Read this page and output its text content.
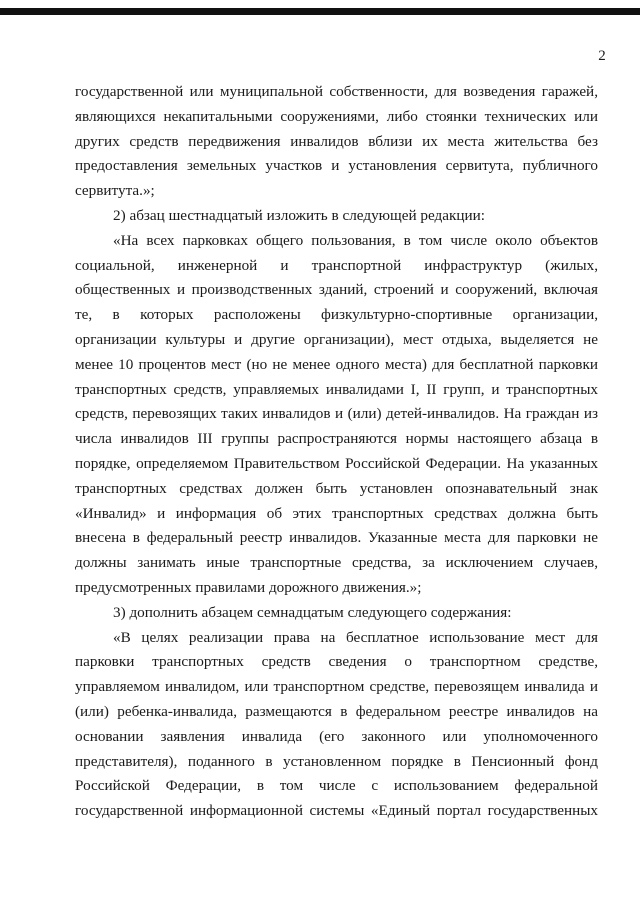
2
государственной или муниципальной собственности, для возведения гаражей,
являющихся некапитальными сооружениями, либо стоянки технических или
других средств передвижения инвалидов вблизи их места жительства без
предоставления земельных участков и установления сервитута, публичного
сервитута.»;
2) абзац шестнадцатый изложить в следующей редакции:
«На всех парковках общего пользования, в том числе около объектов
социальной, инженерной и транспортной инфраструктур (жилых,
общественных и производственных зданий, строений и сооружений, включая
те, в которых расположены физкультурно-спортивные организации,
организации культуры и другие организации), мест отдыха, выделяется не
менее 10 процентов мест (но не менее одного места) для бесплатной парковки
транспортных средств, управляемых инвалидами I, II групп, и транспортных
средств, перевозящих таких инвалидов и (или) детей-инвалидов. На граждан из
числа инвалидов III группы распространяются нормы настоящего абзаца в
порядке, определяемом Правительством Российской Федерации. На указанных
транспортных средствах должен быть установлен опознавательный знак
«Инвалид» и информация об этих транспортных средствах должна быть
внесена в федеральный реестр инвалидов. Указанные места для парковки не
должны занимать иные транспортные средства, за исключением случаев,
предусмотренных правилами дорожного движения.»;
3) дополнить абзацем семнадцатым следующего содержания:
«В целях реализации права на бесплатное использование мест для
парковки транспортных средств сведения о транспортном средстве,
управляемом инвалидом, или транспортном средстве, перевозящем инвалида и
(или) ребенка-инвалида, размещаются в федеральном реестре инвалидов на
основании заявления инвалида (его законного или уполномоченного
представителя), поданного в установленном порядке в Пенсионный фонд
Российской Федерации, в том числе с использованием федеральной
государственной информационной системы «Единый портал государственных
